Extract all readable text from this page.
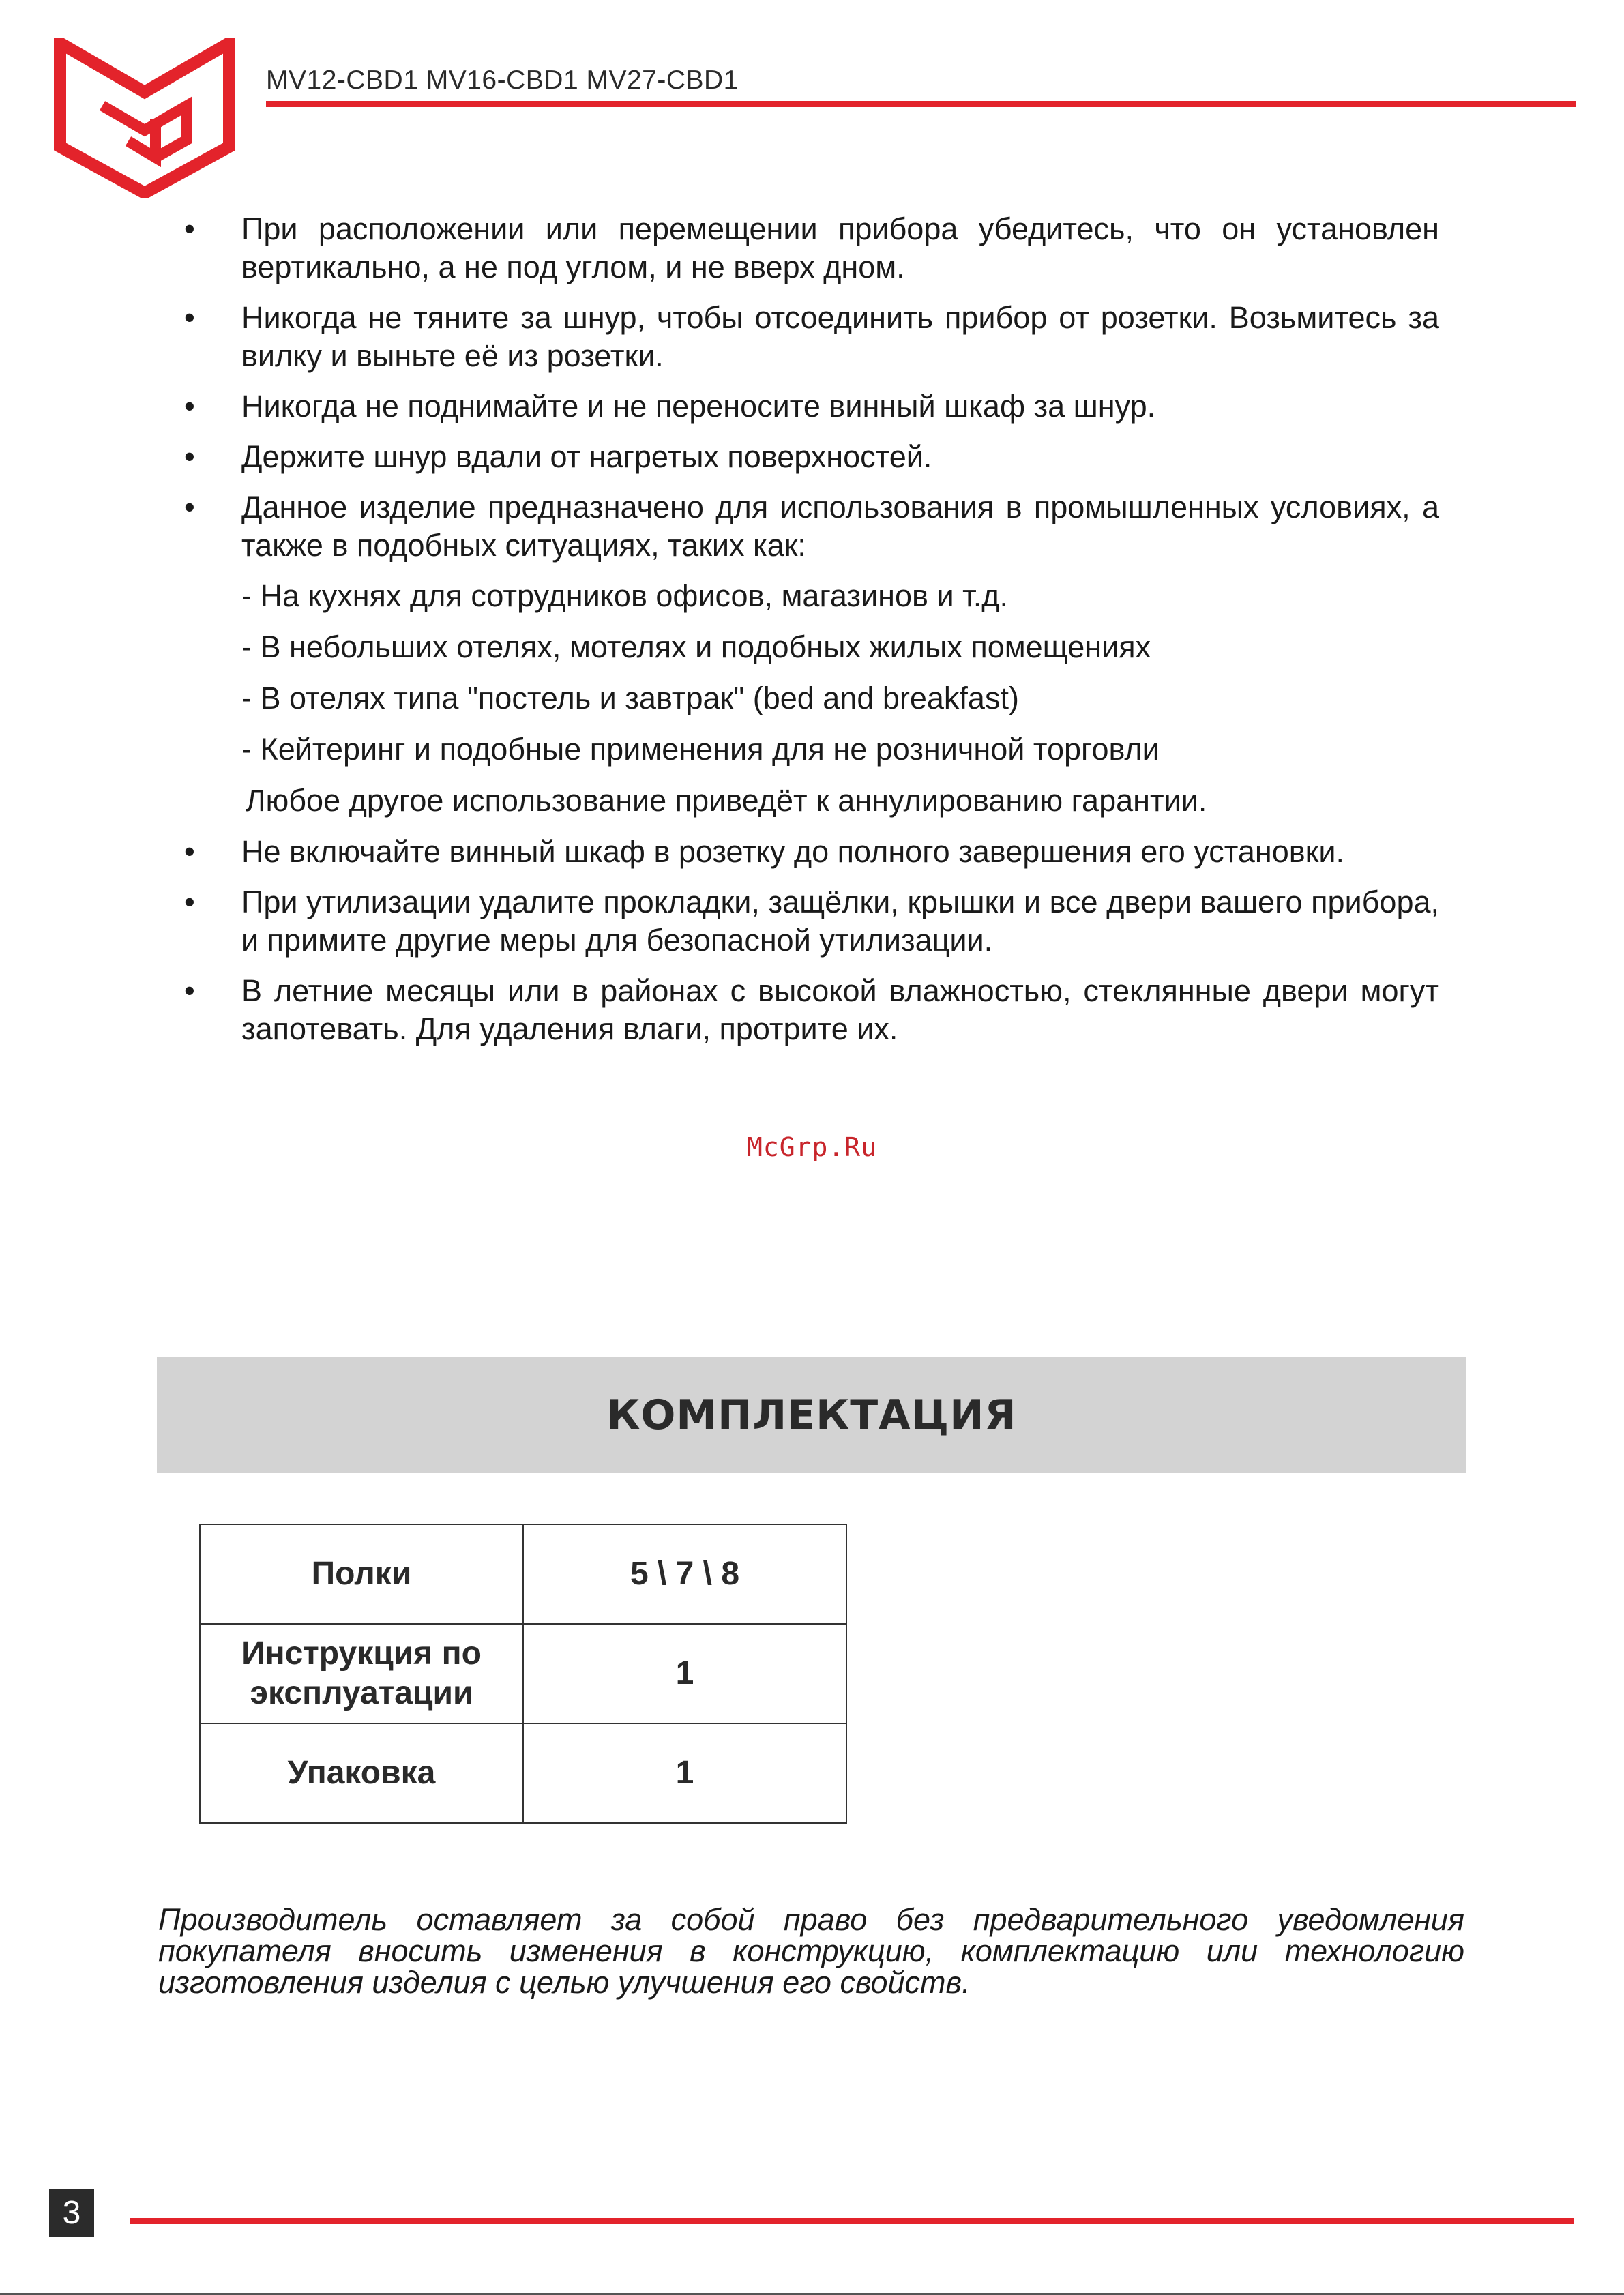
MV12-CBD1 MV16-CBD1 MV27-CBD1
•	При расположении или перемещении прибора убедитесь, что он установлен вертикально, а не под углом, и не вверх дном.
•	Никогда не тяните за шнур, чтобы отсоединить прибор от розетки. Возьмитесь за вилку и выньте её из розетки.
•	Никогда не поднимайте и не переносите винный шкаф за шнур.
•	Держите шнур вдали от нагретых поверхностей.
•	Данное изделие предназначено для использования в промышленных условиях, а также в подобных ситуациях, таких как:
- На кухнях для сотрудников офисов, магазинов и т.д.
- В небольших отелях, мотелях и подобных жилых помещениях
- В отелях типа "постель и завтрак" (bed and breakfast)
- Кейтеринг и подобные применения для не розничной торговли
Любое другое использование приведёт к аннулированию гарантии.
•	Не включайте винный шкаф в розетку до полного завершения его установки.
•	При утилизации удалите прокладки, защёлки, крышки и все двери вашего прибора, и примите другие меры для безопасной утилизации.
•	В летние месяцы или в районах с высокой влажностью, стеклянные двери могут запотевать. Для удаления влаги, протрите их.
McGrp.Ru
КОМПЛЕКТАЦИЯ
Полки	5 \ 7 \ 8
Инструкция по эксплуатации	1
Упаковка	1
Производитель оставляет за собой право без предварительного уведомления покупателя вносить изменения в конструкцию, комплектацию или технологию изготовления изделия с целью улучшения его свойств.
3
